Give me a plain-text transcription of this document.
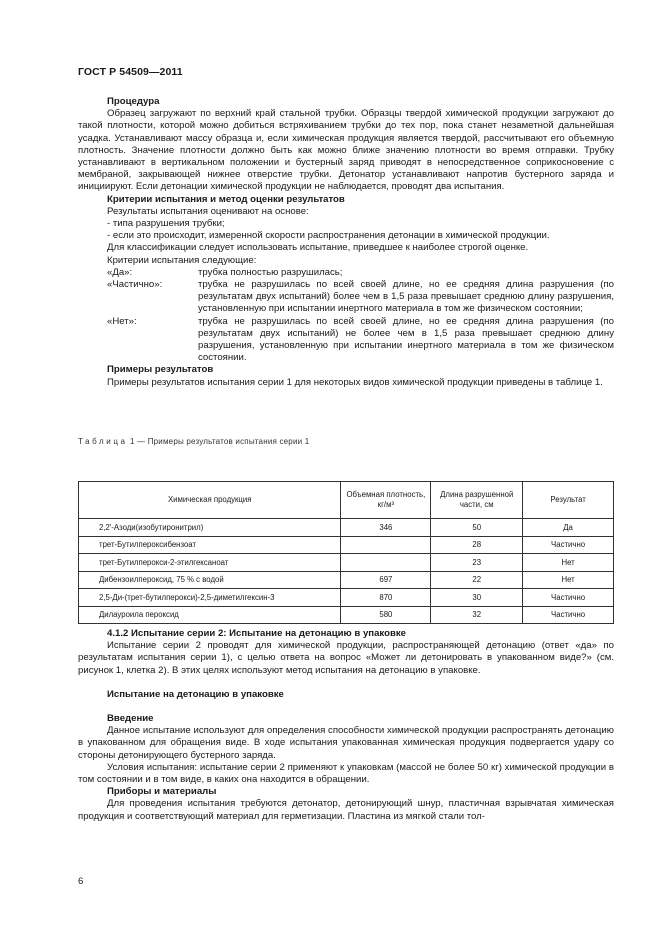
ГОСТ Р 54509—2011

Процедура

Образец загружают по верхний край стальной трубки. Образцы твердой химической продукции загружают до такой плотности, которой можно добиться встряхиванием трубки до тех пор, пока станет незаметной дальнейшая усадка. Устанавливают массу образца и, если химическая продукция является твердой, рассчитывают его объемную плотность. Значение плотности должно быть как можно ближе значению плотности во время отправки. Трубку устанавливают в вертикальном положении и бустерный заряд приводят в непосредственное соприкосновение с мембраной, закрывающей нижнее отверстие трубки. Детонатор устанавливают напротив бустерного заряда и инициируют. Если детонации химической продукции не наблюдается, проводят два испытания.

Критерии испытания и метод оценки результатов

Результаты испытания оценивают на основе:

- типа разрушения трубки;

- если это происходит, измеренной скорости распространения детонации в химической продукции.

Для классификации следует использовать испытание, приведшее к наиболее строгой оценке.

Критерии испытания следующие:

«Да»:	трубка полностью разрушилась;
«Частично»:	трубка не разрушилась по всей своей длине, но ее средняя длина разрушения (по результатам двух испытаний) более чем в 1,5 раза превышает среднюю длину разрушения, установленную при испытании инертного материала в том же физическом состоянии;
«Нет»:	трубка не разрушилась по всей своей длине, но ее средняя длина разрушения (по результатам двух испытаний) не более чем в 1,5 раза превышает среднюю длину разрушения, установленную при испытании инертного материала в том же физическом состоянии.

Примеры результатов

Примеры результатов испытания серии 1 для некоторых видов химической продукции приведены в таблице 1.

Таблица 1 — Примеры результатов испытания серии 1
Химическая продукция	Объемная плотность, кг/м³	Длина разрушенной части, см	Результат
2,2′-Азоди(изобутиронитрил)	346	50	Да
трет-Бутилпероксибензоат		28	Частично
трет-Бутилперокси-2-этилгексаноат		23	Нет
Дибензоилпероксид, 75 % с водой	697	22	Нет
2,5-Ди-(трет-бутилперокси)-2,5-диметилгексин-3	870	30	Частично
Дилауроила пероксид	580	32	Частично

4.1.2 Испытание серии 2: Испытание на детонацию в упаковке

Испытание серии 2 проводят для химической продукции, распространяющей детонацию (ответ «да» по результатам испытания серии 1), с целью ответа на вопрос «Может ли детонировать в упакованном виде?» (см. рисунок 1, клетка 2). В этих целях используют метод испытания на детонацию в упаковке.

Испытание на детонацию в упаковке

Введение

Данное испытание используют для определения способности химической продукции распространять детонацию в упакованном для обращения виде. В ходе испытания упакованная химическая продукция подвергается удару со стороны детонирующего бустерного заряда.

Условия испытания: испытание серии 2 применяют к упаковкам (массой не более 50 кг) химической продукции в том состоянии и в том виде, в каких она находится в обращении.

Приборы и материалы

Для проведения испытания требуются детонатор, детонирующий шнур, пластичная взрывчатая химическая продукция и соответствующий материал для герметизации. Пластина из мягкой стали тол-

6
